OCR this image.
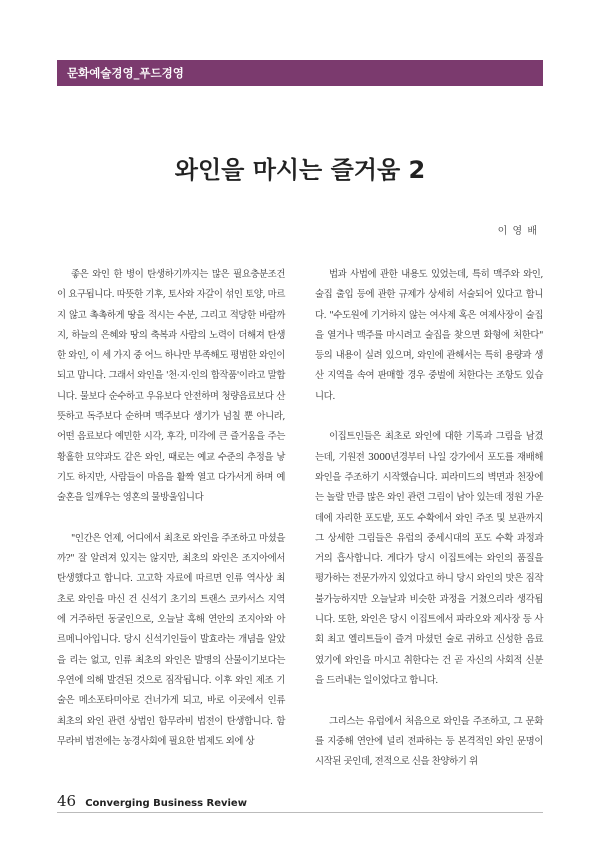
문화예술경영_푸드경영
와인을 마시는 즐거움 2
이 영 배

좋은 와인 한 병이 탄생하기까지는 많은 필요충분조건이 요구됩니다. 따뜻한 기후, 토사와 자갈이 섞인 토양, 마르지 않고 촉촉하게 땅을 적시는 수분, 그리고 적당한 바람까지, 하늘의 은혜와 땅의 축복과 사람의 노력이 더해져 탄생한 와인, 이 세 가지 중 어느 하나만 부족해도 평범한 와인이 되고 맙니다. 그래서 와인을 '천·지·인의 합작품'이라고 말합니다. 물보다 순수하고 우유보다 안전하며 청량음료보다 산뜻하고 독주보다 순하며 맥주보다 생기가 넘칠 뿐 아니라, 어떤 음료보다 예민한 시각, 후각, 미각에 큰 즐거움을 주는 황홀한 묘약과도 같은 와인, 때로는 예교 수준의 추정을 낳기도 하지만, 사람들이 마음을 활짝 열고 다가서게 하며 예술혼을 일깨우는 영혼의 물방울입니다

"인간은 언제, 어디에서 최초로 와인을 주조하고 마셨을까?" 잘 알려져 있지는 않지만, 최초의 와인은 조지아에서 탄생했다고 합니다. 고고학 자료에 따르면 인류 역사상 최초로 와인을 마신 건 신석기 초기의 트랜스 코카서스 지역에 거주하던 동굴인으로, 오늘날 흑해 연안의 조지아와 아르메니아입니다. 당시 신석기인들이 발효라는 개념을 알았을 리는 없고, 인류 최초의 와인은 발명의 산물이기보다는 우연에 의해 발견된 것으로 짐작됩니다. 이후 와인 제조 기술은 메소포타미아로 건너가게 되고, 바로 이곳에서 인류 최초의 와인 관련 상법인 함무라비 법전이 탄생합니다. 함무라비 법전에는 농경사회에 필요한 법제도 외에 상

법과 사법에 관한 내용도 있었는데, 특히 맥주와 와인, 술집 출입 등에 관한 규제가 상세히 서술되어 있다고 합니다. "수도원에 기거하지 않는 여사제 혹은 여제사장이 술집을 열거나 맥주를 마시려고 술집을 찾으면 화형에 처한다" 등의 내용이 실려 있으며, 와인에 관해서는 특히 용량과 생산 지역을 속여 판매할 경우 중벌에 처한다는 조항도 있습니다.

이집트인들은 최초로 와인에 대한 기록과 그림을 남겼는데, 기원전 3000년경부터 나일 강가에서 포도를 재배해 와인을 주조하기 시작했습니다. 피라미드의 벽면과 천장에는 놀랄 만큼 많은 와인 관련 그림이 남아 있는데 정원 가운데에 자리한 포도밭, 포도 수확에서 와인 주조 및 보관까지 그 상세한 그림들은 유럽의 중세시대의 포도 수확 과정과 거의 흡사합니다. 게다가 당시 이집트에는 와인의 품질을 평가하는 전문가까지 있었다고 하니 당시 와인의 맛은 짐작 불가능하지만 오늘날과 비슷한 과정을 거쳤으리라 생각됩니다. 또한, 와인은 당시 이집트에서 파라오와 제사장 등 사회 최고 엘리트들이 즐겨 마셨던 술로 귀하고 신성한 음료였기에 와인을 마시고 취한다는 건 곧 자신의 사회적 신분을 드러내는 일이었다고 합니다.

그리스는 유럽에서 처음으로 와인을 주조하고, 그 문화를 지중해 연안에 널리 전파하는 등 본격적인 와인 문명이 시작된 곳인데, 전적으로 신을 찬양하기 위

46 Converging Business Review
